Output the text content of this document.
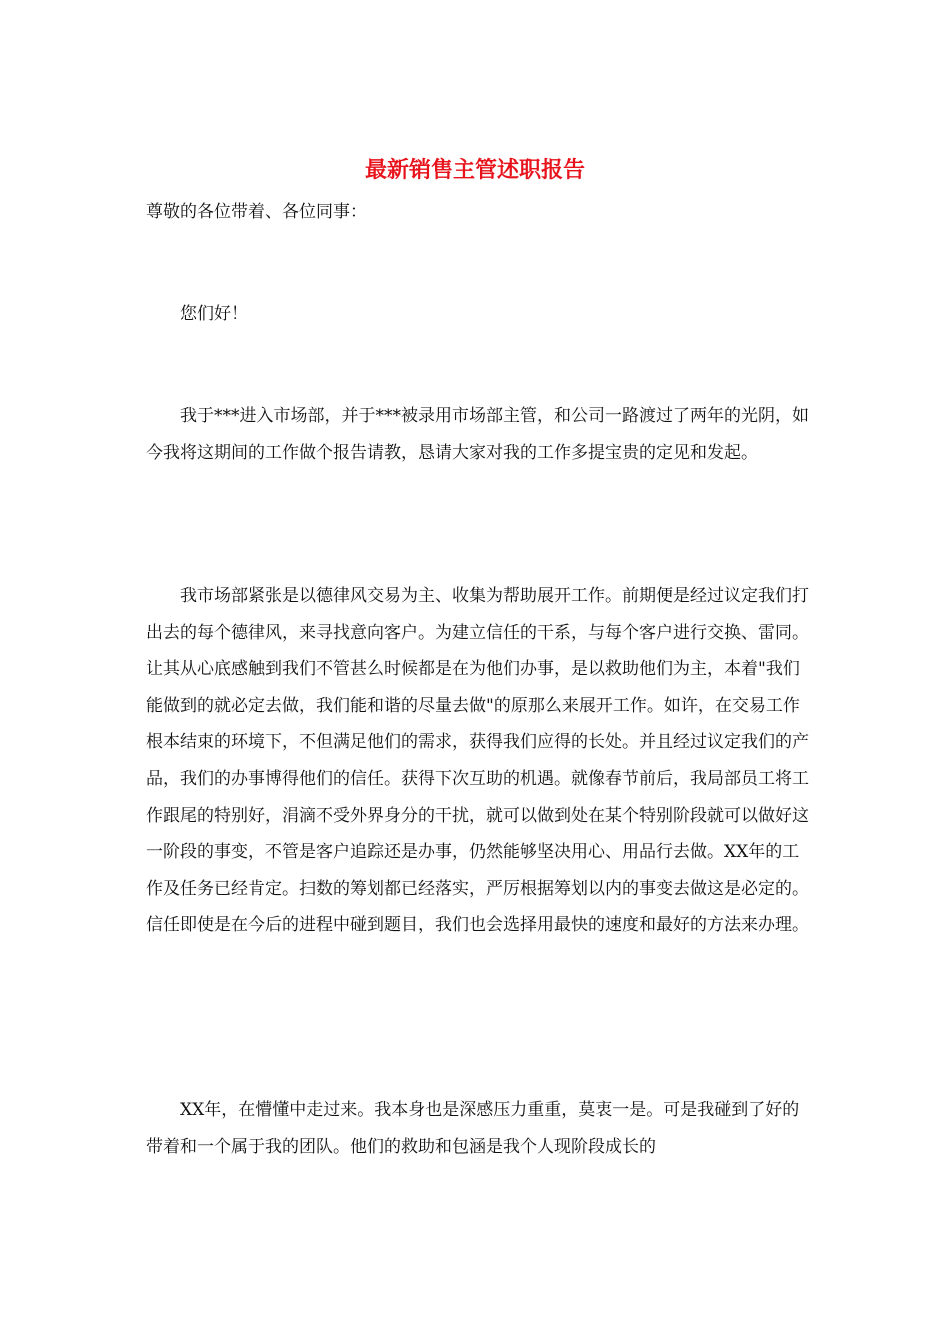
最新销售主管述职报告
尊敬的各位带着、各位同事：
您们好！
我于***进入市场部，并于***被录用市场部主管，和公司一路渡过了两年的光阴，如今我将这期间的工作做个报告请教，恳请大家对我的工作多提宝贵的定见和发起。
我市场部紧张是以德律风交易为主、收集为帮助展开工作。前期便是经过议定我们打出去的每个德律风，来寻找意向客户。为建立信任的干系，与每个客户进行交换、雷同。让其从心底感触到我们不管甚么时候都是在为他们办事，是以救助他们为主，本着"我们能做到的就必定去做，我们能和谐的尽量去做"的原那么来展开工作。如许，在交易工作根本结束的环境下，不但满足他们的需求，获得我们应得的长处。并且经过议定我们的产品，我们的办事博得他们的信任。获得下次互助的机遇。就像春节前后，我局部员工将工作跟尾的特别好，涓滴不受外界身分的干扰，就可以做到处在某个特别阶段就可以做好这一阶段的事变，不管是客户追踪还是办事，仍然能够坚决用心、用品行去做。XX年的工作及任务已经肯定。扫数的筹划都已经落实，严厉根据筹划以内的事变去做这是必定的。信任即使是在今后的进程中碰到题目，我们也会选择用最快的速度和最好的方法来办理。
XX年，在懵懂中走过来。我本身也是深感压力重重，莫衷一是。可是我碰到了好的带着和一个属于我的团队。他们的救助和包涵是我个人现阶段成长的
